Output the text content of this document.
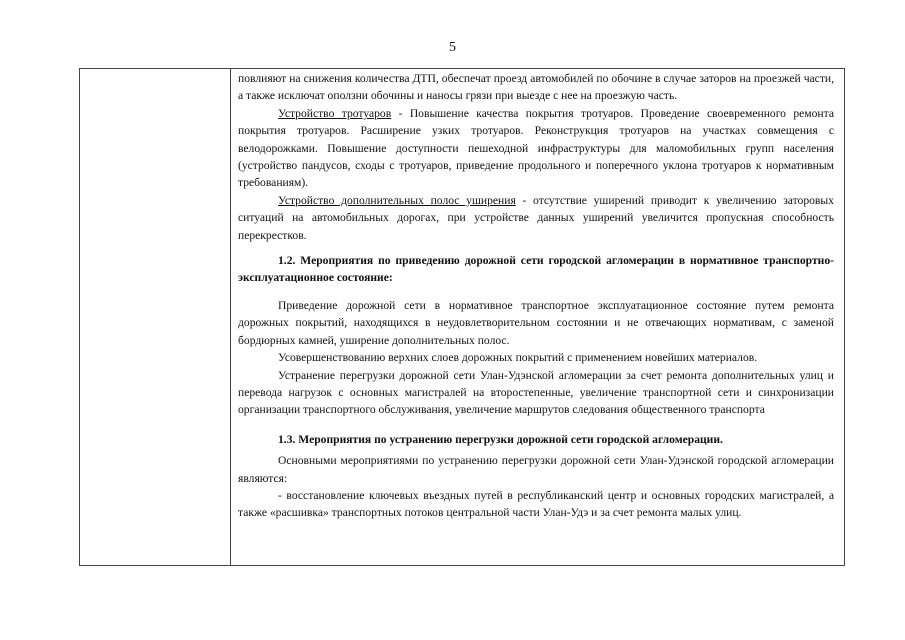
5

повлияют на снижения количества ДТП, обеспечат проезд автомобилей по обочине в случае заторов на проезжей части, а также исключат оползни обочины и наносы грязи при выезде с нее на проезжую часть.

Устройство тротуаров - Повышение качества покрытия тротуаров. Проведение своевременного ремонта покрытия тротуаров. Расширение узких тротуаров. Реконструкция тротуаров на участках совмещения с велодорожками. Повышение доступности пешеходной инфраструктуры для маломобильных групп населения (устройство пандусов, сходы с тротуаров, приведение продольного и поперечного уклона тротуаров к нормативным требованиям).

Устройство дополнительных полос уширения - отсутствие уширений приводит к увеличению заторовых ситуаций на автомобильных дорогах, при устройстве данных уширений увеличится пропускная способность перекрестков.

1.2. Мероприятия по приведению дорожной сети городской агломерации в нормативное транспортно-эксплуатационное состояние:

Приведение дорожной сети в нормативное транспортное эксплуатационное состояние путем ремонта дорожных покрытий, находящихся в неудовлетворительном состоянии и не отвечающих нормативам, с заменой бордюрных камней, уширение дополнительных полос.

Усовершенствованию верхних слоев дорожных покрытий с применением новейших материалов.

Устранение перегрузки дорожной сети Улан-Удэнской агломерации за счет ремонта дополнительных улиц и перевода нагрузок с основных магистралей на второстепенные, увеличение транспортной сети и синхронизации организации транспортного обслуживания, увеличение маршрутов следования общественного транспорта

1.3. Мероприятия по устранению перегрузки дорожной сети городской агломерации.

Основными мероприятиями по устранению перегрузки дорожной сети Улан-Удэнской городской агломерации являются:

- восстановление ключевых въездных путей в республиканский центр и основных городских магистралей, а также «расшивка» транспортных потоков центральной части Улан-Удэ и за счет ремонта малых улиц.
